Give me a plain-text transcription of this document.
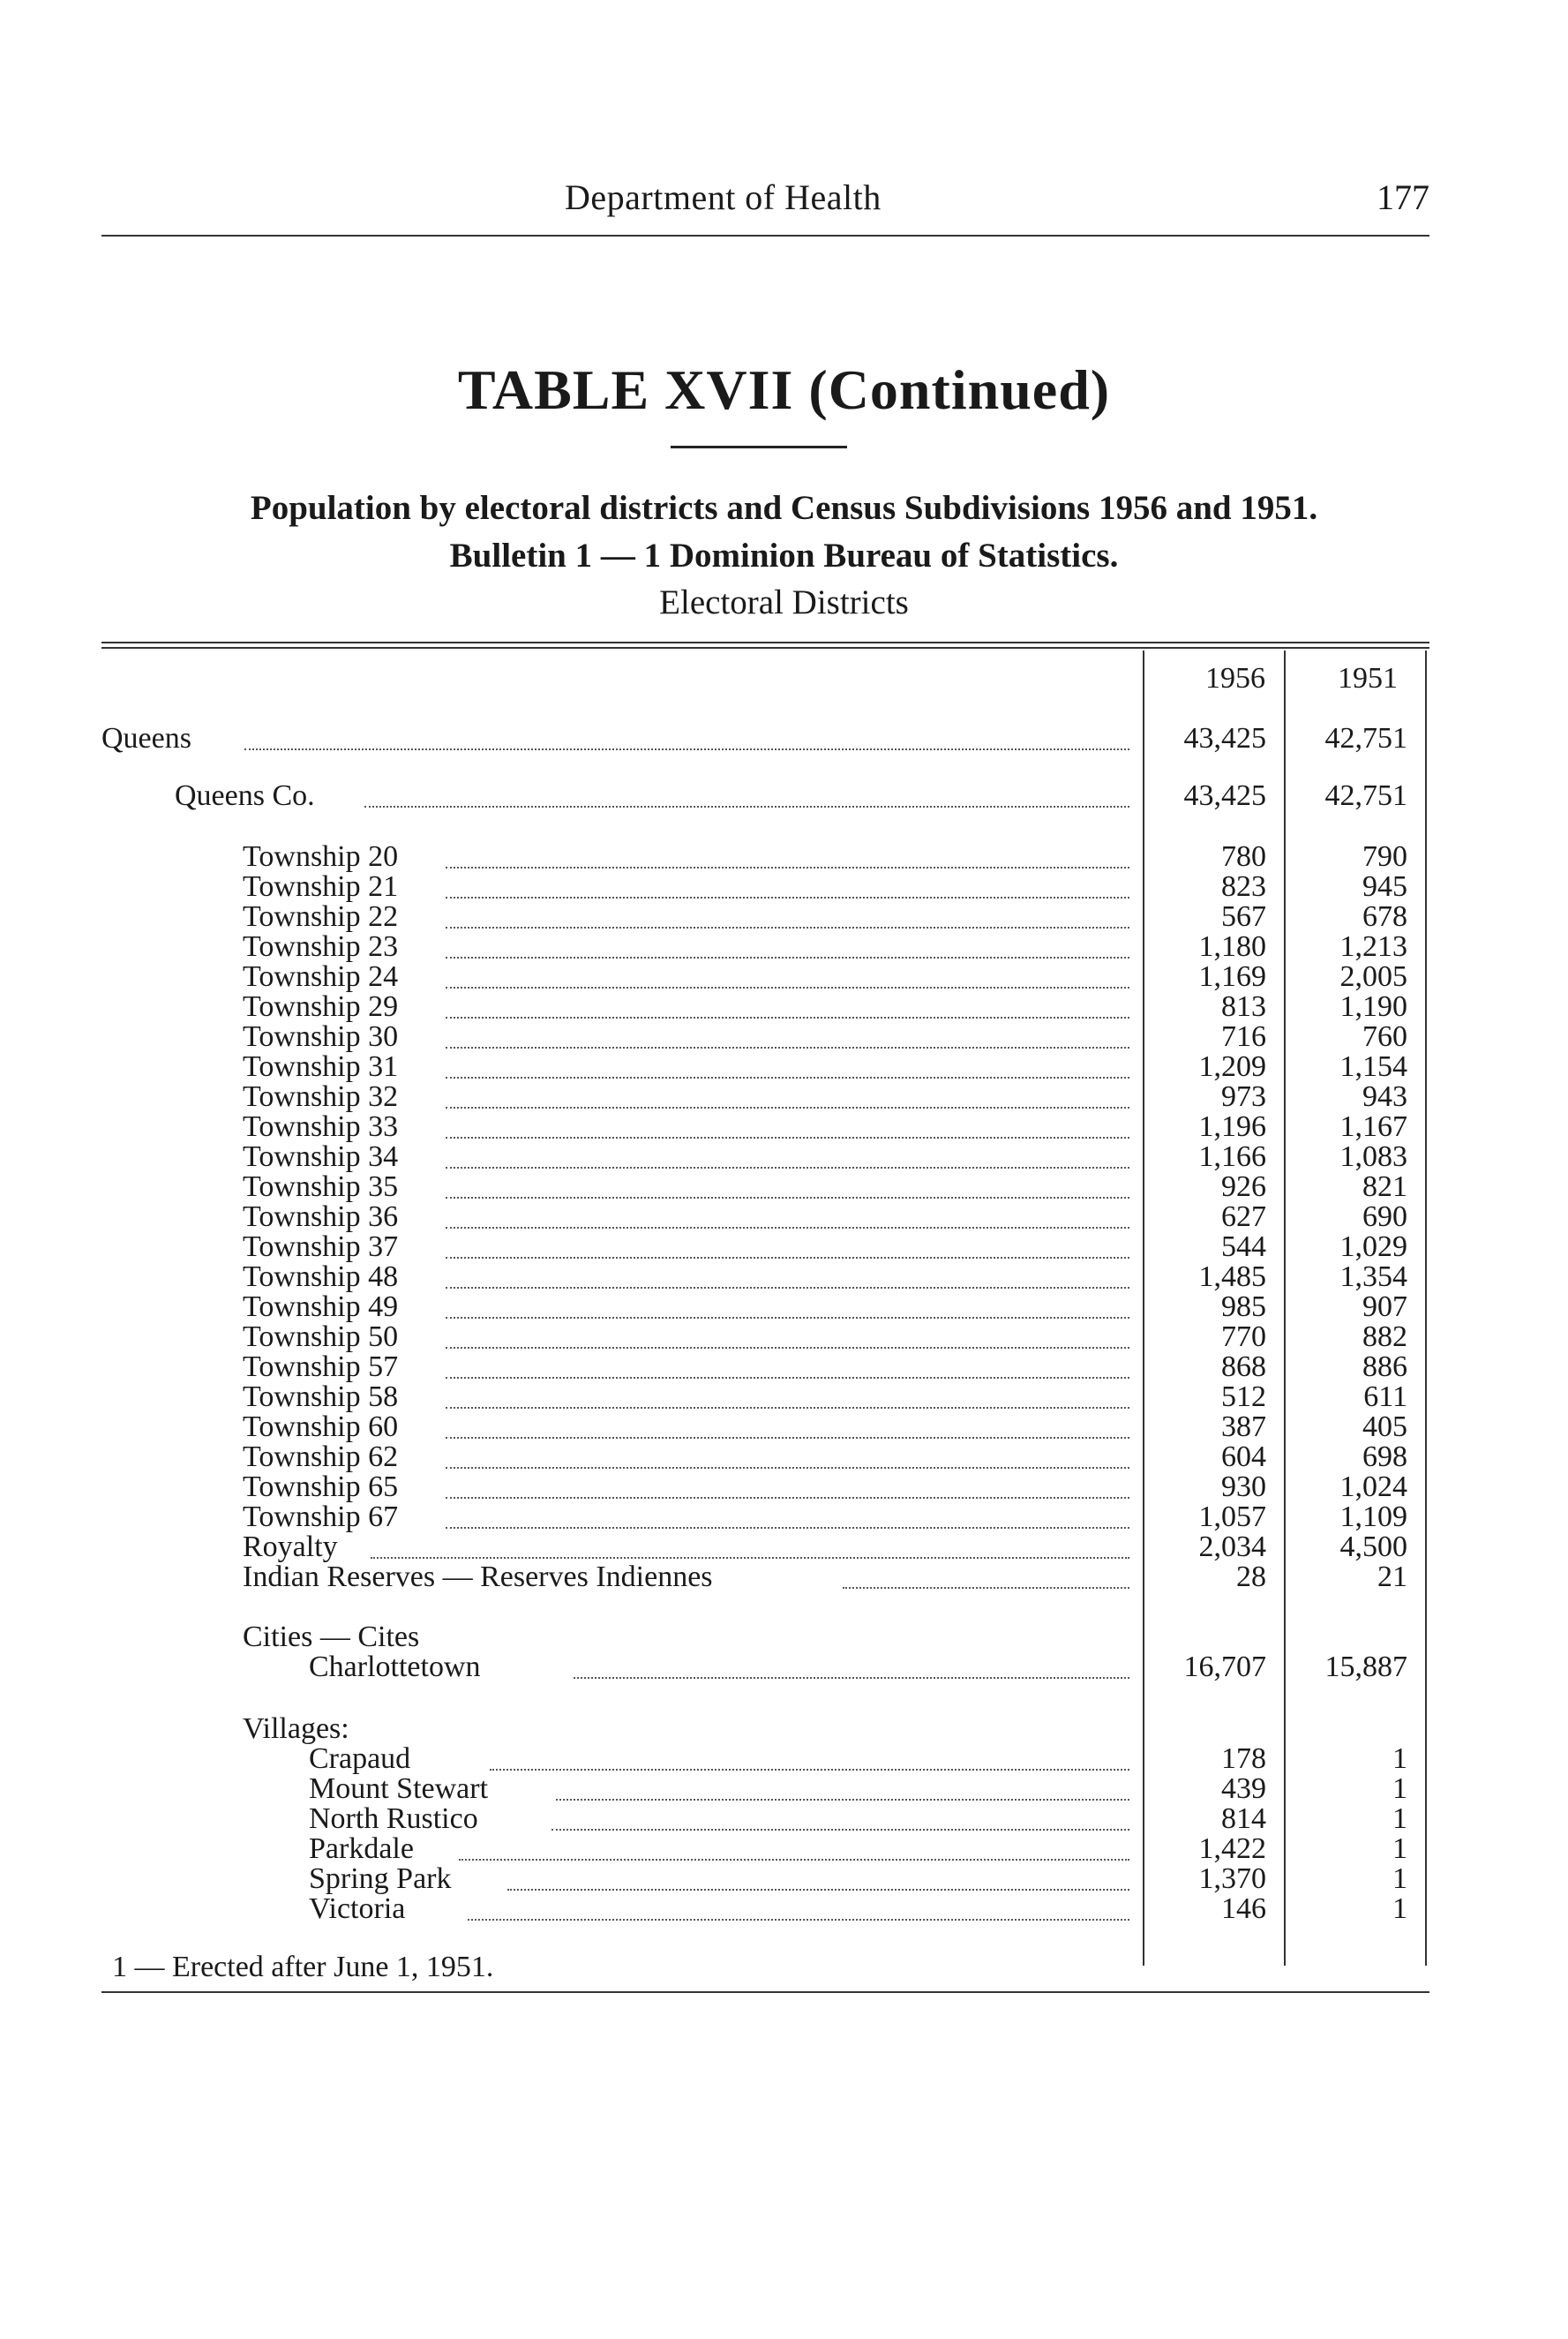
Department of Health	177
TABLE XVII (Continued)
Population by electoral districts and Census Subdivisions 1956 and 1951.
Bulletin 1 — 1 Dominion Bureau of Statistics.
Electoral Districts
1956	1951
Queens	43,425	42,751
Queens Co.	43,425	42,751
Township 20	780	790
Township 21	823	945
Township 22	567	678
Township 23	1,180	1,213
Township 24	1,169	2,005
Township 29	813	1,190
Township 30	716	760
Township 31	1,209	1,154
Township 32	973	943
Township 33	1,196	1,167
Township 34	1,166	1,083
Township 35	926	821
Township 36	627	690
Township 37	544	1,029
Township 48	1,485	1,354
Township 49	985	907
Township 50	770	882
Township 57	868	886
Township 58	512	611
Township 60	387	405
Township 62	604	698
Township 65	930	1,024
Township 67	1,057	1,109
Royalty	2,034	4,500
Indian Reserves — Reserves Indiennes	28	21
Cities — Cites
Charlottetown	16,707	15,887
Villages:
Crapaud	178	1
Mount Stewart	439	1
North Rustico	814	1
Parkdale	1,422	1
Spring Park	1,370	1
Victoria	146	1
1 — Erected after June 1, 1951.
